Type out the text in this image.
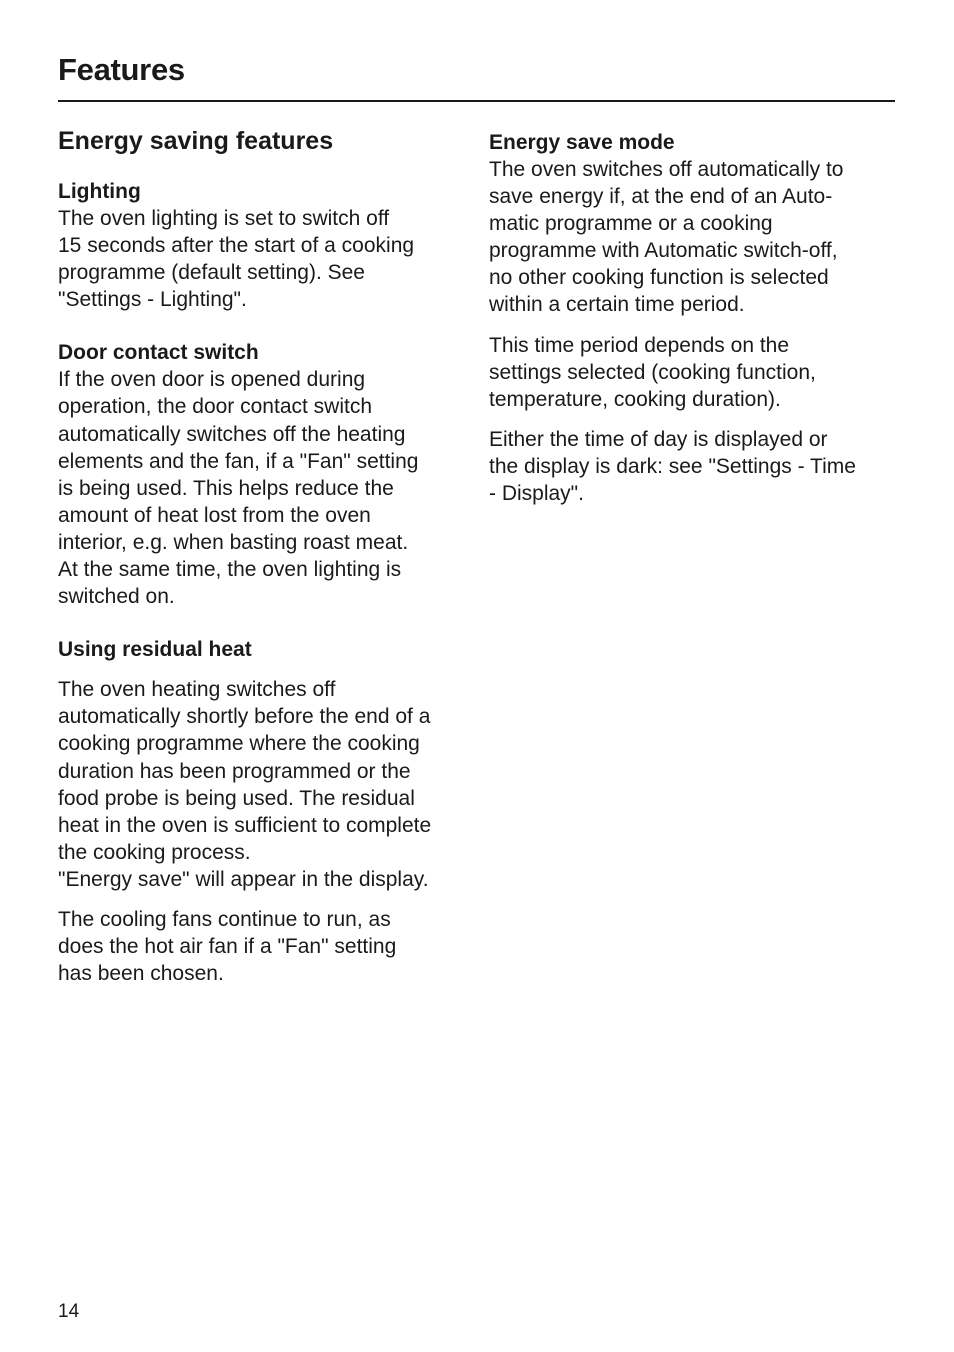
Features
Energy saving features
Lighting

The oven lighting is set to switch off
15 seconds after the start of a cooking
programme (default setting). See
"Settings - Lighting".

Door contact switch

If the oven door is opened during
operation, the door contact switch
automatically switches off the heating
elements and the fan, if a "Fan" setting
is being used. This helps reduce the
amount of heat lost from the oven
interior, e.g. when basting roast meat.
At the same time, the oven lighting is
switched on.

Using residual heat

The oven heating switches off
automatically shortly before the end of a
cooking programme where the cooking
duration has been programmed or the
food probe is being used. The residual
heat in the oven is sufficient to complete
the cooking process.
"Energy save" will appear in the display.

The cooling fans continue to run, as
does the hot air fan if a "Fan" setting
has been chosen.

Energy save mode

The oven switches off automatically to
save energy if, at the end of an Auto-
matic programme or a cooking
programme with Automatic switch-off,
no other cooking function is selected
within a certain time period.

This time period depends on the
settings selected (cooking function,
temperature, cooking duration).

Either the time of day is displayed or
the display is dark: see "Settings - Time
- Display".

14
